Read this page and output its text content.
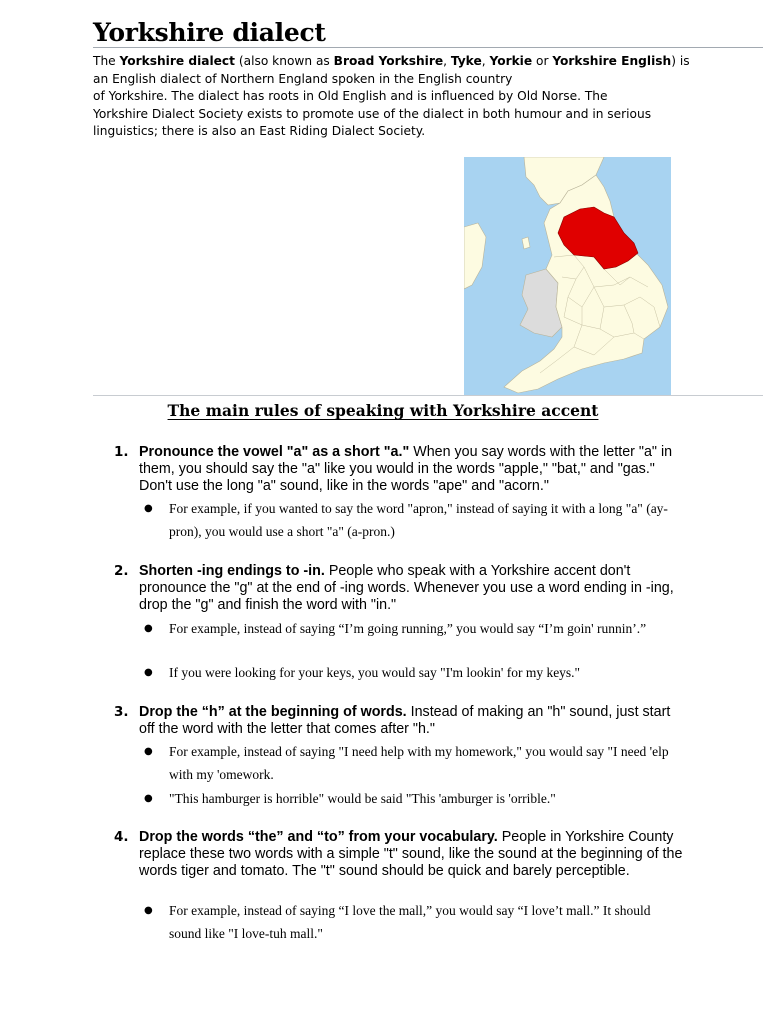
Yorkshire dialect

The Yorkshire dialect (also known as Broad Yorkshire, Tyke, Yorkie or Yorkshire English) is
an English dialect of Northern England spoken in the English country
of Yorkshire. The dialect has roots in Old English and is influenced by Old Norse. The
Yorkshire Dialect Society exists to promote use of the dialect in both humour and in serious
linguistics; there is also an East Riding Dialect Society.

The main rules of speaking with Yorkshire accent
1. Pronounce the vowel "a" as a short "a." When you say words with the letter "a" in them, you should say the "a" like you would in the words "apple," "bat," and "gas." Don't use the long "a" sound, like in the words "ape" and "acorn."
● For example, if you wanted to say the word "apron," instead of saying it with a long "a" (ay-pron), you would use a short "a" (a-pron.)
2. Shorten -ing endings to -in. People who speak with a Yorkshire accent don't pronounce the "g" at the end of -ing words. Whenever you use a word ending in -ing, drop the "g" and finish the word with "in."
● For example, instead of saying “I’m going running,” you would say “I’m goin' runnin’.”
● If you were looking for your keys, you would say "I'm lookin' for my keys."
3. Drop the “h” at the beginning of words. Instead of making an "h" sound, just start off the word with the letter that comes after "h."
● For example, instead of saying "I need help with my homework," you would say "I need 'elp with my 'omework.
● "This hamburger is horrible" would be said "This 'amburger is 'orrible."
4. Drop the words “the” and “to” from your vocabulary. People in Yorkshire County replace these two words with a simple "t" sound, like the sound at the beginning of the words tiger and tomato. The "t" sound should be quick and barely perceptible.
● For example, instead of saying “I love the mall,” you would say “I love’t mall.” It should sound like "I love-tuh mall."
